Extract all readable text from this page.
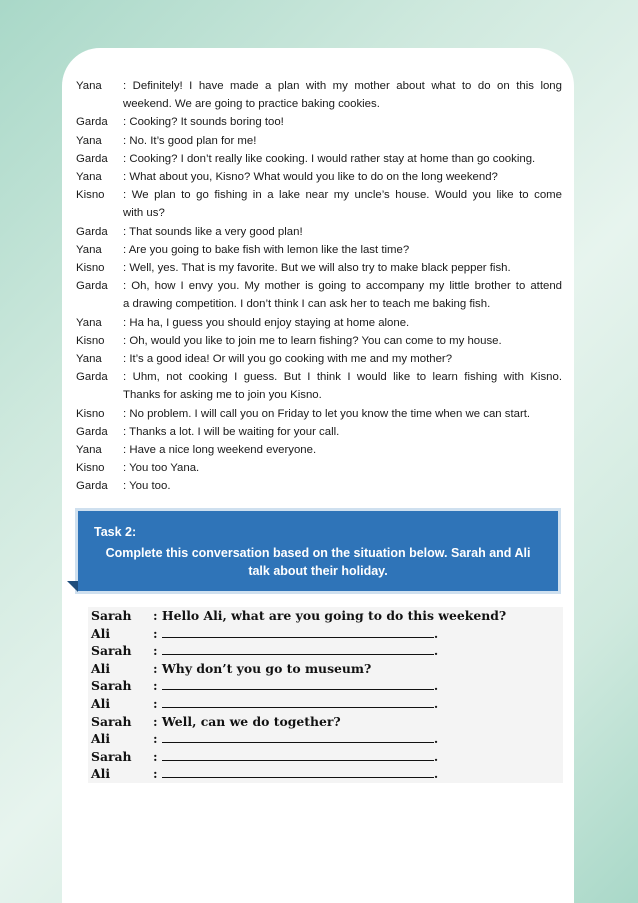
Yana	: Definitely! I have made a plan with my mother about what to do on this long
weekend. We are going to practice baking cookies.
Garda	: Cooking? It sounds boring too!
Yana	: No. It’s good plan for me!
Garda	: Cooking? I don’t really like cooking. I would rather stay at home than go cooking.
Yana	: What about you, Kisno? What would you like to do on the long weekend?
Kisno	: We plan to go fishing in a lake near my uncle’s house. Would you like to come
with us?
Garda	: That sounds like a very good plan!
Yana	: Are you going to bake fish with lemon like the last time?
Kisno	: Well, yes. That is my favorite. But we will also try to make black pepper fish.
Garda	: Oh, how I envy you. My mother is going to accompany my little brother to attend
a drawing competition. I don’t think I can ask her to teach me baking fish.
Yana	: Ha ha, I guess you should enjoy staying at home alone.
Kisno	: Oh, would you like to join me to learn fishing? You can come to my house.
Yana	: It’s a good idea! Or will you go cooking with me and my mother?
Garda	: Uhm, not cooking I guess. But I think I would like to learn fishing with Kisno.
Thanks for asking me to join you Kisno.
Kisno	: No problem. I will call you on Friday to let you know the time when we can start.
Garda	: Thanks a lot. I will be waiting for your call.
Yana	: Have a nice long weekend everyone.
Kisno	: You too Yana.
Garda	: You too.
Task 2:
Complete this conversation based on the situation below. Sarah and Ali
talk about their holiday.
Sarah	: Hello Ali, what are you going to do this weekend?
Ali	: .
Sarah	: .
Ali	: Why don’t you go to museum?
Sarah	: .
Ali	: .
Sarah	: Well, can we do together?
Ali	: .
Sarah	: .
Ali	: .
